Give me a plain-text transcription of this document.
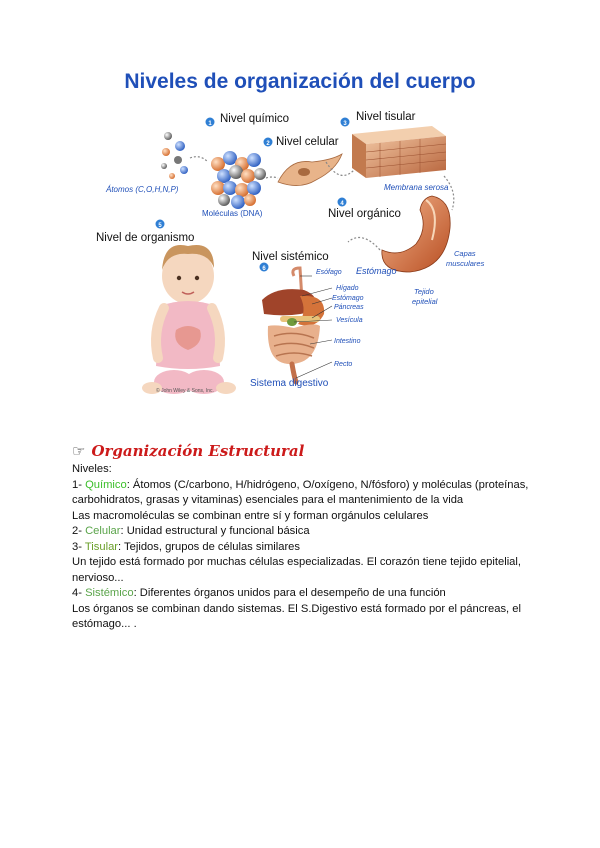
Niveles de organización del cuerpo
Átomos (C,O,H,N,P)
Moléculas (DNA)
1 Nivel químico
2 Nivel celular
3
Nivel tisular
Membrana serosa
4
Nivel orgánico
Capas
musculares
Tejido
epitelial
Estómago
5
Nivel de organismo
Nivel sistémico
6
© John Wiley & Sons, Inc.
Esófago
Hígado
Estómago
Páncreas
Vesícula
Intestino
Recto
Sistema digestivo
☞ Organización Estructural

Niveles:

1- Químico: Átomos (C/carbono, H/hidrógeno, O/oxígeno, N/fósforo) y moléculas (proteínas, carbohidratos, grasas y vitaminas) esenciales para el mantenimiento de la vida

Las macromoléculas se combinan entre sí y forman orgánulos celulares

2- Celular: Unidad estructural y funcional básica

3- Tisular: Tejidos, grupos de células similares

Un tejido está formado por muchas células especializadas. El corazón tiene tejido epitelial, nervioso...

4- Sistémico: Diferentes órganos unidos para el desempeño de una función

Los órganos se combinan dando sistemas. El S.Digestivo está formado por el páncreas, el estómago... .
